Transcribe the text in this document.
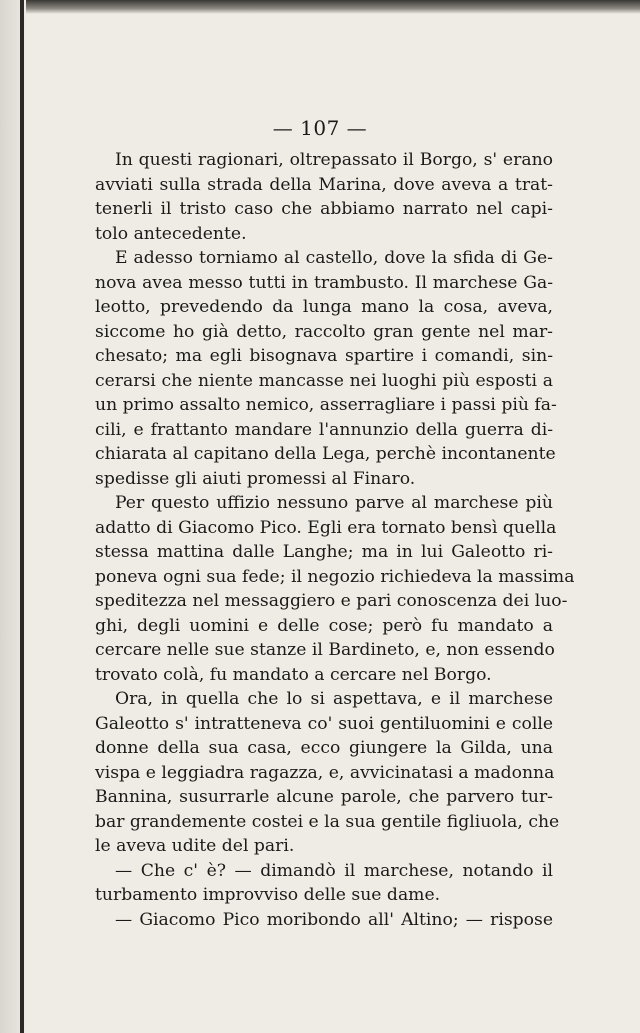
— 107 —
In questi ragionari, oltrepassato il Borgo, s' erano
avviati sulla strada della Marina, dove aveva a trat-
tenerli il tristo caso che abbiamo narrato nel capi-
tolo antecedente.
E adesso torniamo al castello, dove la sfida di Ge-
nova avea messo tutti in trambusto. Il marchese Ga-
leotto, prevedendo da lunga mano la cosa, aveva,
siccome ho già detto, raccolto gran gente nel mar-
chesato; ma egli bisognava spartire i comandi, sin-
cerarsi che niente mancasse nei luoghi più esposti a
un primo assalto nemico, asserragliare i passi più fa-
cili, e frattanto mandare l'annunzio della guerra di-
chiarata al capitano della Lega, perchè incontanente
spedisse gli aiuti promessi al Finaro.
Per questo uffizio nessuno parve al marchese più
adatto di Giacomo Pico. Egli era tornato bensì quella
stessa mattina dalle Langhe; ma in lui Galeotto ri-
poneva ogni sua fede; il negozio richiedeva la massima
speditezza nel messaggiero e pari conoscenza dei luo-
ghi, degli uomini e delle cose; però fu mandato a
cercare nelle sue stanze il Bardineto, e, non essendo
trovato colà, fu mandato a cercare nel Borgo.
Ora, in quella che lo si aspettava, e il marchese
Galeotto s' intratteneva co' suoi gentiluomini e colle
donne della sua casa, ecco giungere la Gilda, una
vispa e leggiadra ragazza, e, avvicinatasi a madonna
Bannina, susurrarle alcune parole, che parvero tur-
bar grandemente costei e la sua gentile figliuola, che
le aveva udite del pari.
— Che c' è? — dimandò il marchese, notando il
turbamento improvviso delle sue dame.
— Giacomo Pico moribondo all' Altino; — rispose
